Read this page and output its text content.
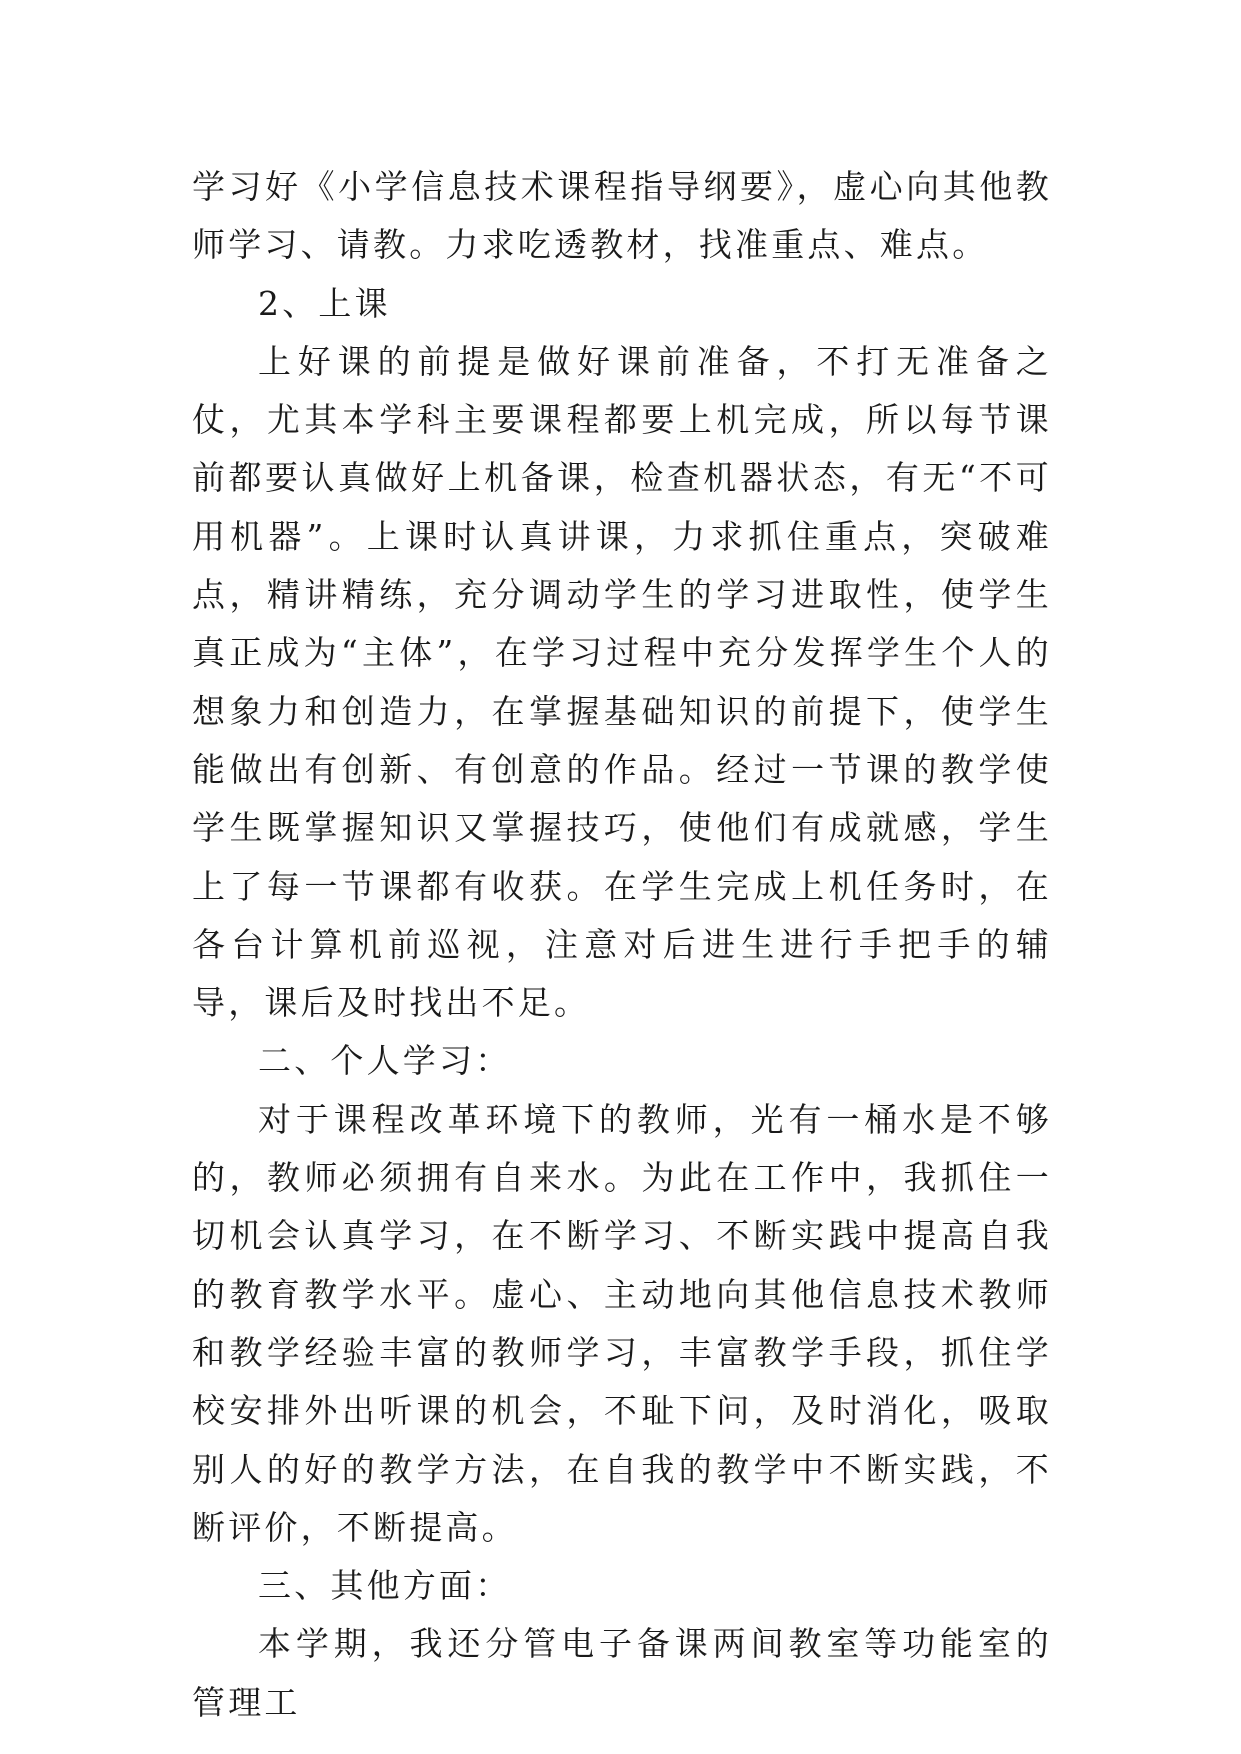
学习好《小学信息技术课程指导纲要》，虚心向其他教师学习、请教。力求吃透教材，找准重点、难点。

2、上课

上好课的前提是做好课前准备，不打无准备之仗，尤其本学科主要课程都要上机完成，所以每节课前都要认真做好上机备课，检查机器状态，有无“不可用机器”。上课时认真讲课，力求抓住重点，突破难点，精讲精练，充分调动学生的学习进取性，使学生真正成为“主体”，在学习过程中充分发挥学生个人的想象力和创造力，在掌握基础知识的前提下，使学生能做出有创新、有创意的作品。经过一节课的教学使学生既掌握知识又掌握技巧，使他们有成就感，学生上了每一节课都有收获。在学生完成上机任务时，在各台计算机前巡视，注意对后进生进行手把手的辅导，课后及时找出不足。

二、个人学习：

对于课程改革环境下的教师，光有一桶水是不够的，教师必须拥有自来水。为此在工作中，我抓住一切机会认真学习，在不断学习、不断实践中提高自我的教育教学水平。虚心、主动地向其他信息技术教师和教学经验丰富的教师学习，丰富教学手段，抓住学校安排外出听课的机会，不耻下问，及时消化，吸取别人的好的教学方法，在自我的教学中不断实践，不断评价，不断提高。

三、其他方面：

本学期，我还分管电子备课两间教室等功能室的管理工
